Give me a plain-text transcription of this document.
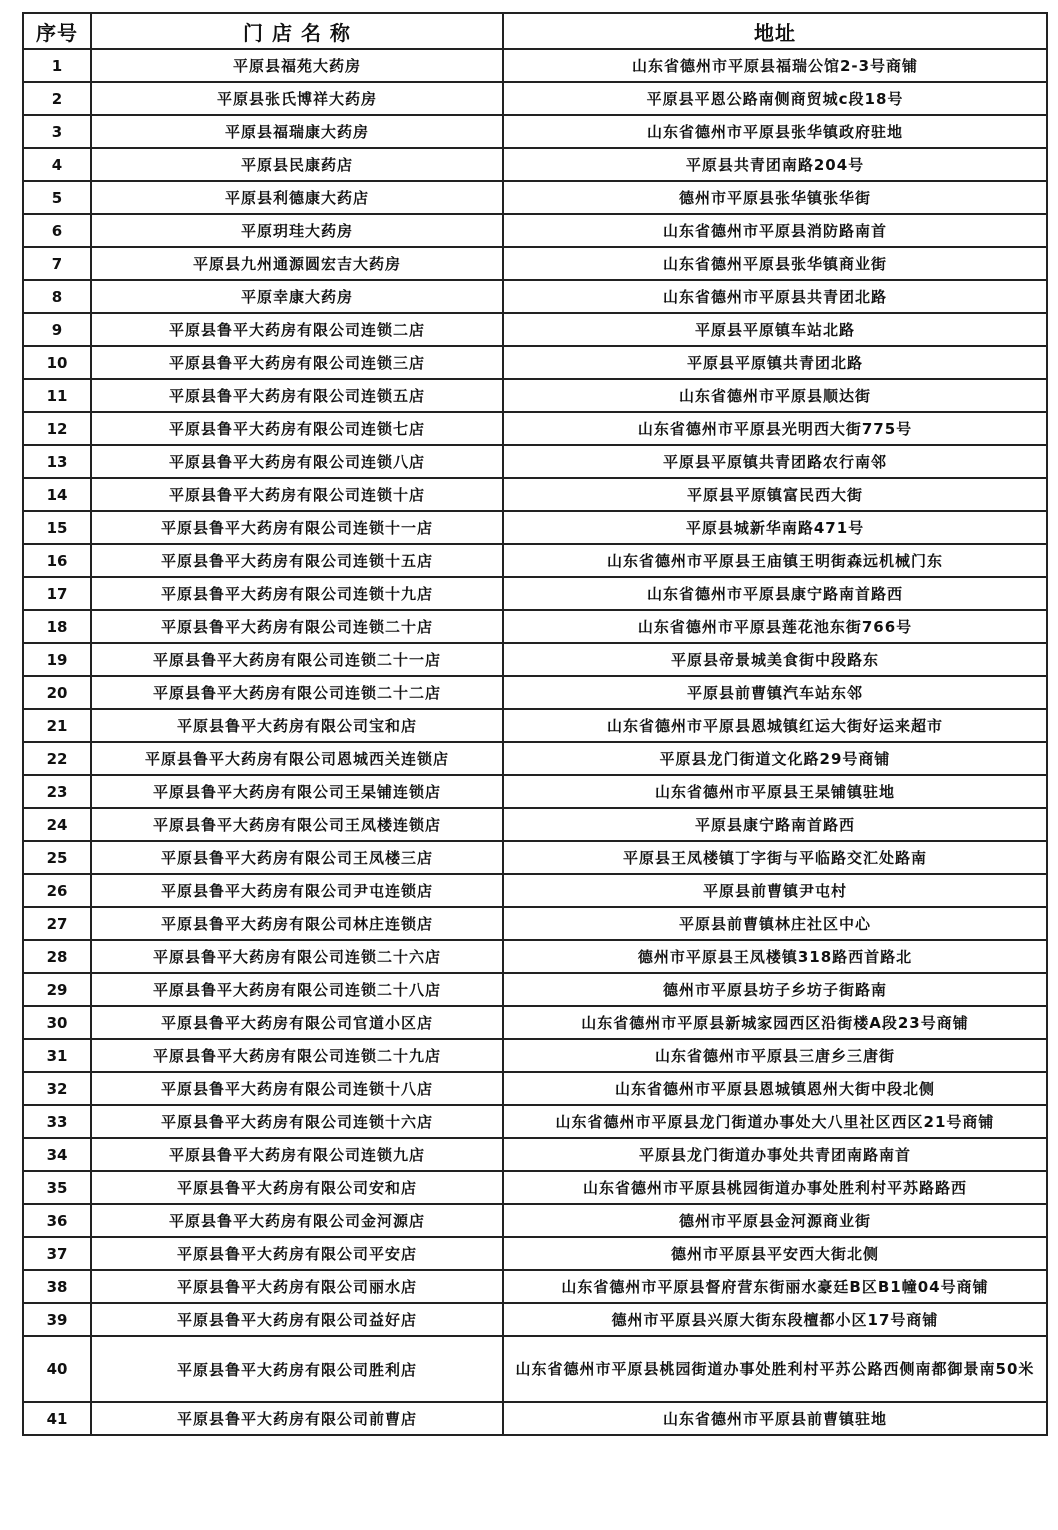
序号	门 店 名 称	地址
1	平原县福苑大药房	山东省德州市平原县福瑞公馆2-3号商铺
2	平原县张氏博祥大药房	平原县平恩公路南侧商贸城c段18号
3	平原县福瑞康大药房	山东省德州市平原县张华镇政府驻地
4	平原县民康药店	平原县共青团南路204号
5	平原县利德康大药店	德州市平原县张华镇张华街
6	平原玥珪大药房	山东省德州市平原县消防路南首
7	平原县九州通源圆宏吉大药房	山东省德州平原县张华镇商业街
8	平原幸康大药房	山东省德州市平原县共青团北路
9	平原县鲁平大药房有限公司连锁二店	平原县平原镇车站北路
10	平原县鲁平大药房有限公司连锁三店	平原县平原镇共青团北路
11	平原县鲁平大药房有限公司连锁五店	山东省德州市平原县顺达街
12	平原县鲁平大药房有限公司连锁七店	山东省德州市平原县光明西大街775号
13	平原县鲁平大药房有限公司连锁八店	平原县平原镇共青团路农行南邻
14	平原县鲁平大药房有限公司连锁十店	平原县平原镇富民西大街
15	平原县鲁平大药房有限公司连锁十一店	平原县城新华南路471号
16	平原县鲁平大药房有限公司连锁十五店	山东省德州市平原县王庙镇王明街森远机械门东
17	平原县鲁平大药房有限公司连锁十九店	山东省德州市平原县康宁路南首路西
18	平原县鲁平大药房有限公司连锁二十店	山东省德州市平原县莲花池东街766号
19	平原县鲁平大药房有限公司连锁二十一店	平原县帝景城美食街中段路东
20	平原县鲁平大药房有限公司连锁二十二店	平原县前曹镇汽车站东邻
21	平原县鲁平大药房有限公司宝和店	山东省德州市平原县恩城镇红运大街好运来超市
22	平原县鲁平大药房有限公司恩城西关连锁店	平原县龙门街道文化路29号商铺
23	平原县鲁平大药房有限公司王杲铺连锁店	山东省德州市平原县王杲铺镇驻地
24	平原县鲁平大药房有限公司王凤楼连锁店	平原县康宁路南首路西
25	平原县鲁平大药房有限公司王凤楼三店	平原县王凤楼镇丁字街与平临路交汇处路南
26	平原县鲁平大药房有限公司尹屯连锁店	平原县前曹镇尹屯村
27	平原县鲁平大药房有限公司林庄连锁店	平原县前曹镇林庄社区中心
28	平原县鲁平大药房有限公司连锁二十六店	德州市平原县王凤楼镇318路西首路北
29	平原县鲁平大药房有限公司连锁二十八店	德州市平原县坊子乡坊子街路南
30	平原县鲁平大药房有限公司官道小区店	山东省德州市平原县新城家园西区沿街楼A段23号商铺
31	平原县鲁平大药房有限公司连锁二十九店	山东省德州市平原县三唐乡三唐街
32	平原县鲁平大药房有限公司连锁十八店	山东省德州市平原县恩城镇恩州大街中段北侧
33	平原县鲁平大药房有限公司连锁十六店	山东省德州市平原县龙门街道办事处大八里社区西区21号商铺
34	平原县鲁平大药房有限公司连锁九店	平原县龙门街道办事处共青团南路南首
35	平原县鲁平大药房有限公司安和店	山东省德州市平原县桃园街道办事处胜利村平苏路路西
36	平原县鲁平大药房有限公司金河源店	德州市平原县金河源商业街
37	平原县鲁平大药房有限公司平安店	德州市平原县平安西大街北侧
38	平原县鲁平大药房有限公司丽水店	山东省德州市平原县督府营东街丽水豪廷B区B1幢04号商铺
39	平原县鲁平大药房有限公司益好店	德州市平原县兴原大街东段檀都小区17号商铺
40	平原县鲁平大药房有限公司胜利店	山东省德州市平原县桃园街道办事处胜利村平苏公路西侧南都御景南50米
41	平原县鲁平大药房有限公司前曹店	山东省德州市平原县前曹镇驻地
